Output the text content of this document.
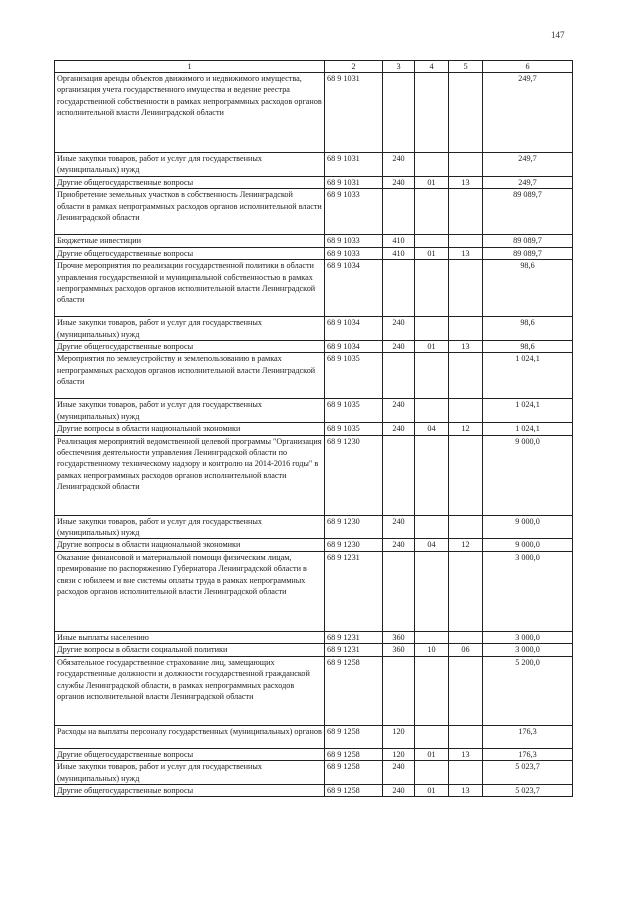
147
1	2	3	4	5	6
Организация аренды объектов движимого и недвижимого имущества, организация учета государственного имущества и ведение реестра государственной собственности в рамках непрограммных расходов органов исполнительной власти Ленинградской области	68 9 1031				249,7
Иные закупки товаров, работ и услуг для государственных (муниципальных) нужд	68 9 1031	240			249,7
Другие общегосударственные вопросы	68 9 1031	240	01	13	249,7
Приобретение земельных участков в собственность Ленинградской области в рамках непрограммных расходов органов исполнительной власти Ленинградской области	68 9 1033				89 089,7
Бюджетные инвестиции	68 9 1033	410			89 089,7
Другие общегосударственные вопросы	68 9 1033	410	01	13	89 089,7
Прочие мероприятия по реализации государственной политики в области управления государственной и муниципальной собственностью в рамках непрограммных расходов органов исполнительной власти Ленинградской области	68 9 1034				98,6
Иные закупки товаров, работ и услуг для государственных (муниципальных) нужд	68 9 1034	240			98,6
Другие общегосударственные вопросы	68 9 1034	240	01	13	98,6
Мероприятия по землеустройству и землепользованию в рамках непрограммных расходов органов исполнительной власти Ленинградской области	68 9 1035				1 024,1
Иные закупки товаров, работ и услуг для государственных (муниципальных) нужд	68 9 1035	240			1 024,1
Другие вопросы в области национальной экономики	68 9 1035	240	04	12	1 024,1
Реализация мероприятий ведомственной целевой программы "Организация обеспечения деятельности управления Ленинградской области по государственному техническому надзору и контролю на 2014-2016 годы" в рамках непрограммных расходов органов исполнительной власти Ленинградской области	68 9 1230				9 000,0
Иные закупки товаров, работ и услуг для государственных (муниципальных) нужд	68 9 1230	240			9 000,0
Другие вопросы в области национальной экономики	68 9 1230	240	04	12	9 000,0
Оказание финансовой и материальной помощи физическим лицам, премирование по распоряжению Губернатора Ленинградской области в связи с юбилеем и вне системы оплаты труда в рамках непрограммных расходов органов исполнительной власти Ленинградской области	68 9 1231				3 000,0
Иные выплаты населению	68 9 1231	360			3 000,0
Другие вопросы в области социальной политики	68 9 1231	360	10	06	3 000,0
Обязательное государственное страхование лиц, замещающих государственные должности и должности государственной гражданской службы Ленинградской области, в рамках непрограммных расходов органов исполнительной власти Ленинградской области	68 9 1258				5 200,0
Расходы на выплаты персоналу государственных (муниципальных) органов	68 9 1258	120			176,3
Другие общегосударственные вопросы	68 9 1258	120	01	13	176,3
Иные закупки товаров, работ и услуг для государственных (муниципальных) нужд	68 9 1258	240			5 023,7
Другие общегосударственные вопросы	68 9 1258	240	01	13	5 023,7
